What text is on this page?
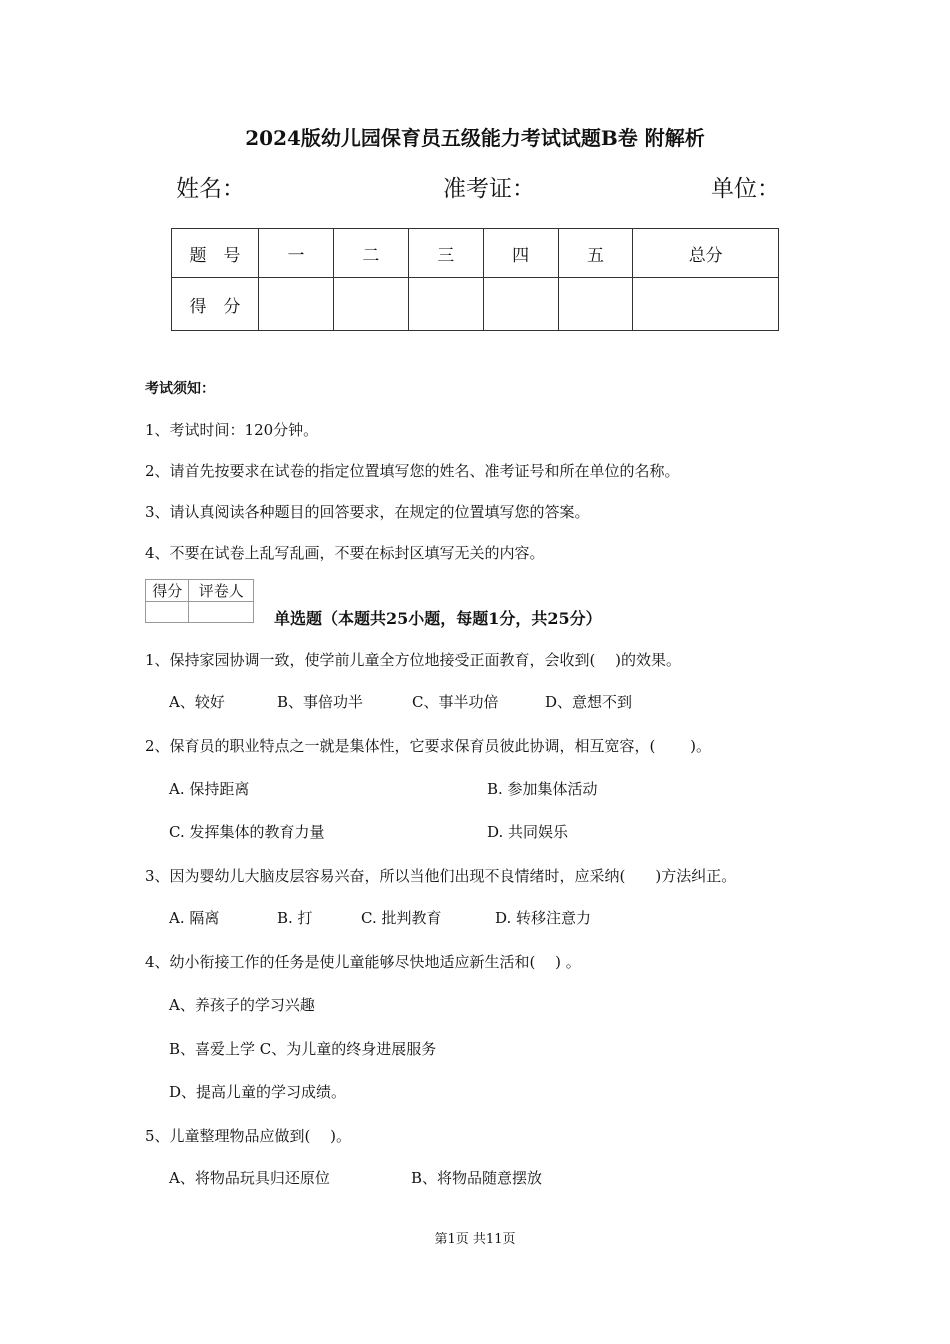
2024版幼儿园保育员五级能力考试试题B卷 附解析
姓名：	准考证：	单位：
题　号	一	二	三	四	五	总分
得　分						
考试须知：
1、考试时间：120分钟。
2、请首先按要求在试卷的指定位置填写您的姓名、准考证号和所在单位的名称。
3、请认真阅读各种题目的回答要求，在规定的位置填写您的答案。
4、不要在试卷上乱写乱画，不要在标封区填写无关的内容。
得分	评卷人

单选题（本题共25小题，每题1分，共25分）
1、保持家园协调一致，使学前儿童全方位地接受正面教育，会收到(　 )的效果。
A、较好	B、事倍功半	C、事半功倍	D、意想不到
2、保育员的职业特点之一就是集体性，它要求保育员彼此协调，相互宽容，(　　 )。
A. 保持距离	B. 参加集体活动
C. 发挥集体的教育力量	D. 共同娱乐
3、因为婴幼儿大脑皮层容易兴奋，所以当他们出现不良情绪时，应采纳(　　)方法纠正。
A. 隔离	B. 打	C. 批判教育	D. 转移注意力
4、幼小衔接工作的任务是使儿童能够尽快地适应新生活和(　 ) 。
A、养孩子的学习兴趣
B、喜爱上学 C、为儿童的终身进展服务
D、提高儿童的学习成绩。
5、儿童整理物品应做到(　 )。
A、将物品玩具归还原位	B、将物品随意摆放
第1页 共11页
